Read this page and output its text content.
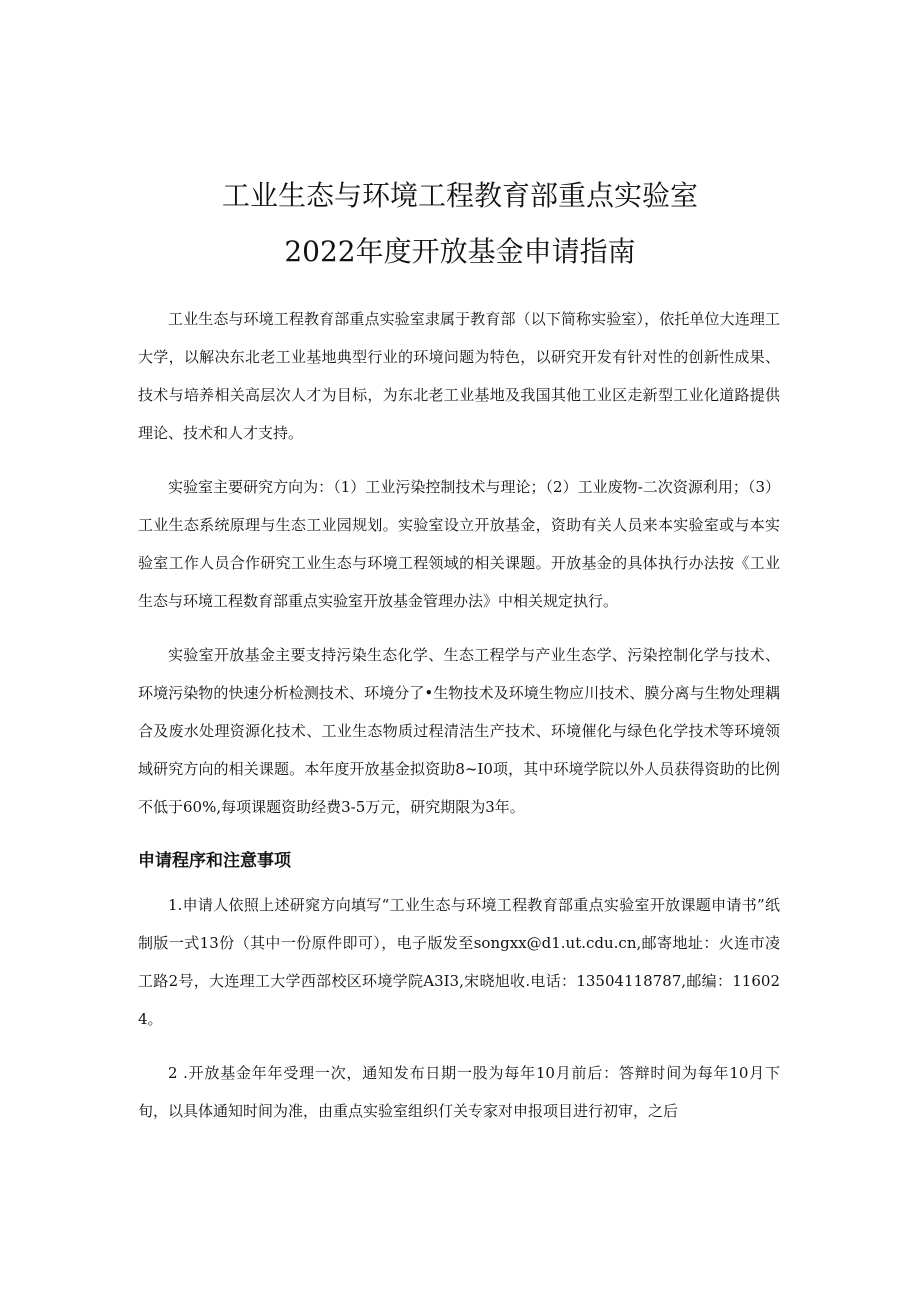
工业生态与环境工程教育部重点实验室
2022年度开放基金申请指南

工业生态与环境工程教育部重点实验室隶属于教育部（以下简称实验室），依托单位大连理工大学，以解决东北老工业基地典型行业的环境问题为特色，以研究开发有针对性的创新性成果、技术与培养相关高层次人才为目标，为东北老工业基地及我国其他工业区走新型工业化道路提供理论、技术和人才支持。

实验室主要研究方向为：（1）工业污染控制技术与理论；（2）工业废物-二次资源利用；（3）工业生态系统原理与生态工业园规划。实验室设立开放基金，资助有关人员来本实验室或与本实验室工作人员合作研究工业生态与环境工程领域的相关课题。开放基金的具体执行办法按《工业生态与环境工程数育部重点实验室开放基金管理办法》中相关规定执行。

实验室开放基金主要支持污染生态化学、生态工程学与产业生态学、污染控制化学与技术、环境污染物的快速分析检测技术、环境分了•生物技术及环境生物应川技术、膜分离与生物处理耦合及废水处理资源化技术、工业生态物质过程清洁生产技术、环境催化与绿色化学技术等环境领域研究方向的相关课题。本年度开放基金拟资助8~I0项，其中环境学院以外人员获得资助的比例不低于60%,每项课题资助经费3-5万元，研究期限为3年。

申请程序和注意事项

1.申请人依照上述研窕方向填写“工业生态与环境工程教育部重点实验室开放课题申请书”纸制版一式13份（其中一份原件即可），电子版发至songxx@d1.ut.cdu.cn,邮寄地址：火连市凌工路2号，大连理工大学西部校区环境学院A3I3,宋晓旭收.电话：13504118787,邮编：116024。

2 .开放基金年年受理一次，通知发布日期一股为每年10月前后：答辩时间为每年10月下旬，以具体通知时间为准，由重点实验室组织仃关专家对申报项目进行初审，之后
